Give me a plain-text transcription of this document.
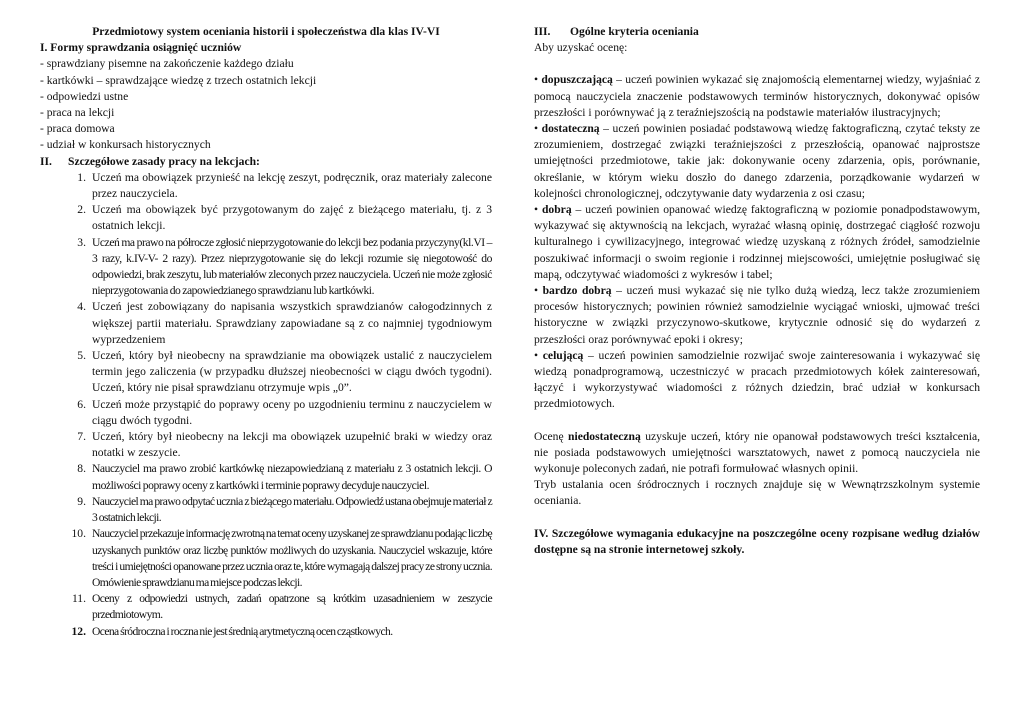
Przedmiotowy system oceniania historii i społeczeństwa dla klas IV-VI

I. Formy sprawdzania osiągnięć uczniów

- sprawdziany pisemne na zakończenie każdego działu

- kartkówki – sprawdzające wiedzę z trzech ostatnich lekcji

- odpowiedzi ustne

- praca na lekcji

- praca domowa

- udział w konkursach historycznych

II.	Szczegółowe zasady pracy na lekcjach:
1. Uczeń ma obowiązek przynieść na lekcję zeszyt, podręcznik, oraz materiały zalecone przez nauczyciela.
2. Uczeń ma obowiązek być przygotowanym do zajęć z bieżącego materiału, tj. z 3 ostatnich lekcji.
3. Uczeń ma prawo na półrocze zgłosić nieprzygotowanie do lekcji bez podania przyczyny(kl.VI – 3 razy, k.IV-V- 2 razy). Przez nieprzygotowanie się do lekcji rozumie się niegotowość do odpowiedzi, brak zeszytu, lub materiałów zleconych przez nauczyciela. Uczeń nie może zgłosić nieprzygotowania do zapowiedzianego sprawdzianu lub kartkówki.
4. Uczeń jest zobowiązany do napisania wszystkich sprawdzianów całogodzinnych z większej partii materiału. Sprawdziany zapowiadane są z co najmniej tygodniowym wyprzedzeniem
5. Uczeń, który był nieobecny na sprawdzianie ma obowiązek ustalić z nauczycielem termin jego zaliczenia (w przypadku dłuższej nieobecności w ciągu dwóch tygodni). Uczeń, który nie pisał sprawdzianu otrzymuje wpis „0”.
6. Uczeń może przystąpić do poprawy oceny po uzgodnieniu terminu z nauczycielem w ciągu dwóch tygodni.
7. Uczeń, który był nieobecny na lekcji ma obowiązek uzupełnić braki w wiedzy oraz notatki w zeszycie.
8. Nauczyciel ma prawo zrobić kartkówkę niezapowiedzianą z materiału z 3 ostatnich lekcji. O możliwości poprawy oceny z kartkówki i terminie poprawy decyduje nauczyciel.
9. Nauczyciel ma prawo odpytać ucznia z bieżącego materiału. Odpowiedź ustana obejmuje materiał z 3 ostatnich lekcji.
10. Nauczyciel przekazuje informację zwrotną na temat oceny uzyskanej ze sprawdzianu podając liczbę uzyskanych punktów oraz liczbę punktów możliwych do uzyskania. Nauczyciel wskazuje, które treści i umiejętności opanowane przez ucznia oraz te, które wymagają dalszej pracy ze strony ucznia. Omówienie sprawdzianu ma miejsce podczas lekcji.
11. Oceny z odpowiedzi ustnych, zadań opatrzone są krótkim uzasadnieniem w zeszycie przedmiotowym.
12. Ocena śródroczna i roczna nie jest średnią arytmetyczną ocen cząstkowych.
III.	Ogólne kryteria oceniania

Aby uzyskać ocenę:

• dopuszczającą – uczeń powinien wykazać się znajomością elementarnej wiedzy, wyjaśniać z pomocą nauczyciela znaczenie podstawowych terminów historycznych, dokonywać opisów przeszłości i porównywać ją z teraźniejszością na podstawie materiałów ilustracyjnych;

• dostateczną – uczeń powinien posiadać podstawową wiedzę faktograficzną, czytać teksty ze zrozumieniem, dostrzegać związki teraźniejszości z przeszłością, opanować najprostsze umiejętności przedmiotowe, takie jak: dokonywanie oceny zdarzenia, opis, porównanie, określanie, w którym wieku doszło do danego zdarzenia, porządkowanie wydarzeń w kolejności chronologicznej, odczytywanie daty wydarzenia z osi czasu;

• dobrą – uczeń powinien opanować wiedzę faktograficzną w poziomie ponadpodstawowym, wykazywać się aktywnością na lekcjach, wyrażać własną opinię, dostrzegać ciągłość rozwoju kulturalnego i cywilizacyjnego, integrować wiedzę uzyskaną z różnych źródeł, samodzielnie poszukiwać informacji o swoim regionie i rodzinnej miejscowości, umiejętnie posługiwać się mapą, odczytywać wiadomości z wykresów i tabel;

• bardzo dobrą – uczeń musi wykazać się nie tylko dużą wiedzą, lecz także zrozumieniem procesów historycznych; powinien również samodzielnie wyciągać wnioski, ujmować treści historyczne w związki przyczynowo-skutkowe, krytycznie odnosić się do wydarzeń z przeszłości oraz porównywać epoki i okresy;

• celującą – uczeń powinien samodzielnie rozwijać swoje zainteresowania i wykazywać się wiedzą ponadprogramową, uczestniczyć w pracach przedmiotowych kółek zainteresowań, łączyć i wykorzystywać wiadomości z różnych dziedzin, brać udział w konkursach przedmiotowych.

Ocenę niedostateczną uzyskuje uczeń, który nie opanował podstawowych treści kształcenia, nie posiada podstawowych umiejętności warsztatowych, nawet z pomocą nauczyciela nie wykonuje poleconych zadań, nie potrafi formułować własnych opinii.

Tryb ustalania ocen śródrocznych i rocznych znajduje się w Wewnątrzszkolnym systemie oceniania.

IV. Szczegółowe wymagania edukacyjne na poszczególne oceny rozpisane według działów dostępne są na stronie internetowej szkoły.
